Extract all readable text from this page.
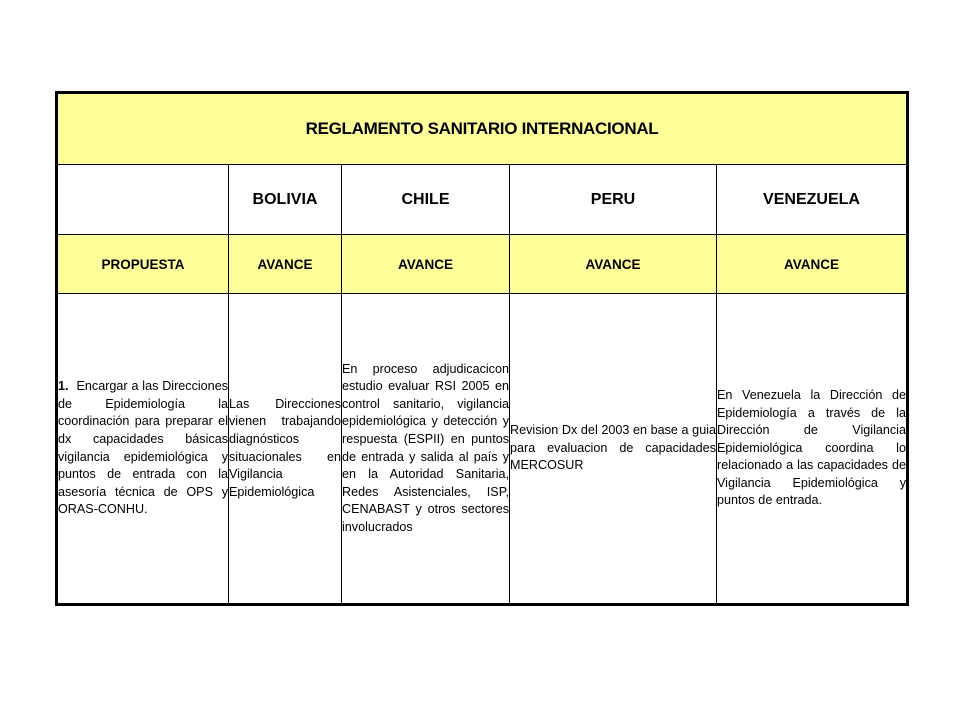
REGLAMENTO SANITARIO INTERNACIONAL				
	BOLIVIA	CHILE	PERU	VENEZUELA
PROPUESTA	AVANCE	AVANCE	AVANCE	AVANCE
1. Encargar a las Direcciones de Epidemiología la coordinación para preparar el dx capacidades básicas vigilancia epidemiológica y puntos de entrada con la asesoría técnica de OPS y ORAS-CONHU.	Las Direcciones vienen trabajando diagnósticos situacionales en Vigilancia Epidemiológica	En proceso adjudicacicon estudio evaluar RSI 2005 en control sanitario, vigilancia epidemiológica y detección y respuesta (ESPII) en puntos de entrada y salida al país y en la Autoridad Sanitaria, Redes Asistenciales, ISP, CENABAST y otros sectores involucrados	Revision Dx del 2003 en base a guia para evaluacion de capacidades MERCOSUR	En Venezuela la Dirección de Epidemiología a través de la Dirección de Vigilancia Epidemiológica coordina lo relacionado a las capacidades de Vigilancia Epidemiológica y puntos de entrada.
